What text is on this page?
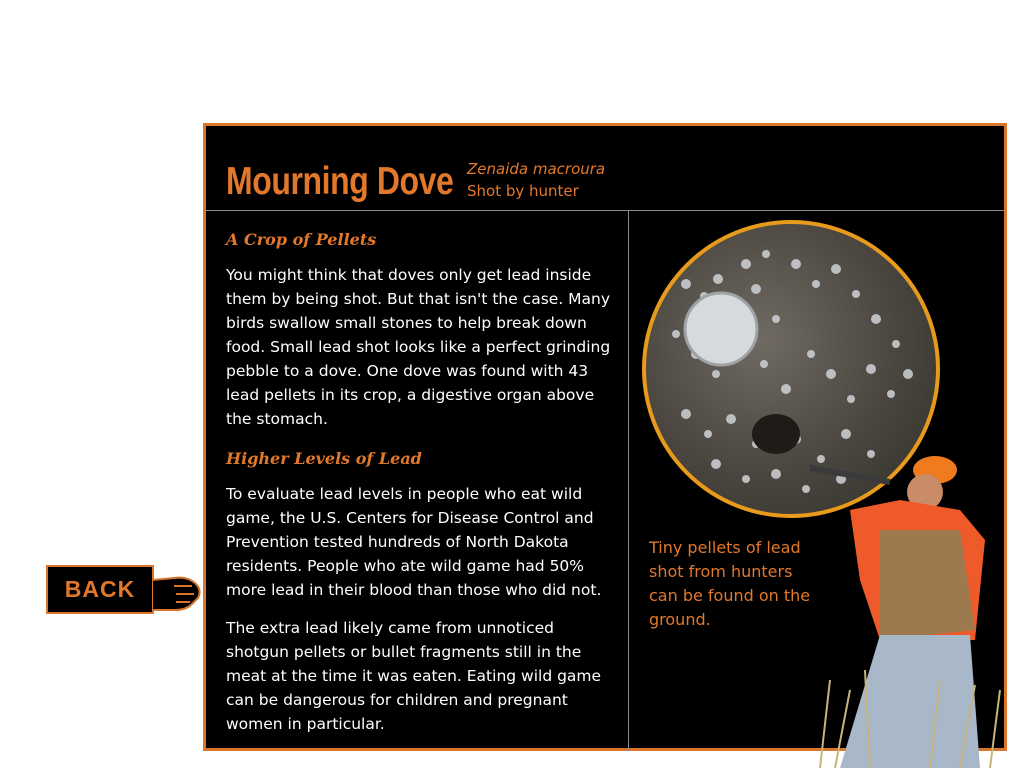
Mourning Dove Zenaida macroura
Shot by hunter
A Crop of Pellets

You might think that doves only get lead inside them by being shot. But that isn't the case. Many birds swallow small stones to help break down food. Small lead shot looks like a perfect grinding pebble to a dove. One dove was found with 43 lead pellets in its crop, a digestive organ above the stomach.

Higher Levels of Lead

To evaluate lead levels in people who eat wild game, the U.S. Centers for Disease Control and Prevention tested hundreds of North Dakota residents. People who ate wild game had 50% more lead in their blood than those who did not.

The extra lead likely came from unnoticed shotgun pellets or bullet fragments still in the meat at the time it was eaten. Eating wild game can be dangerous for children and pregnant women in particular.

Tiny pellets of lead shot from hunters can be found on the ground.
BACK
